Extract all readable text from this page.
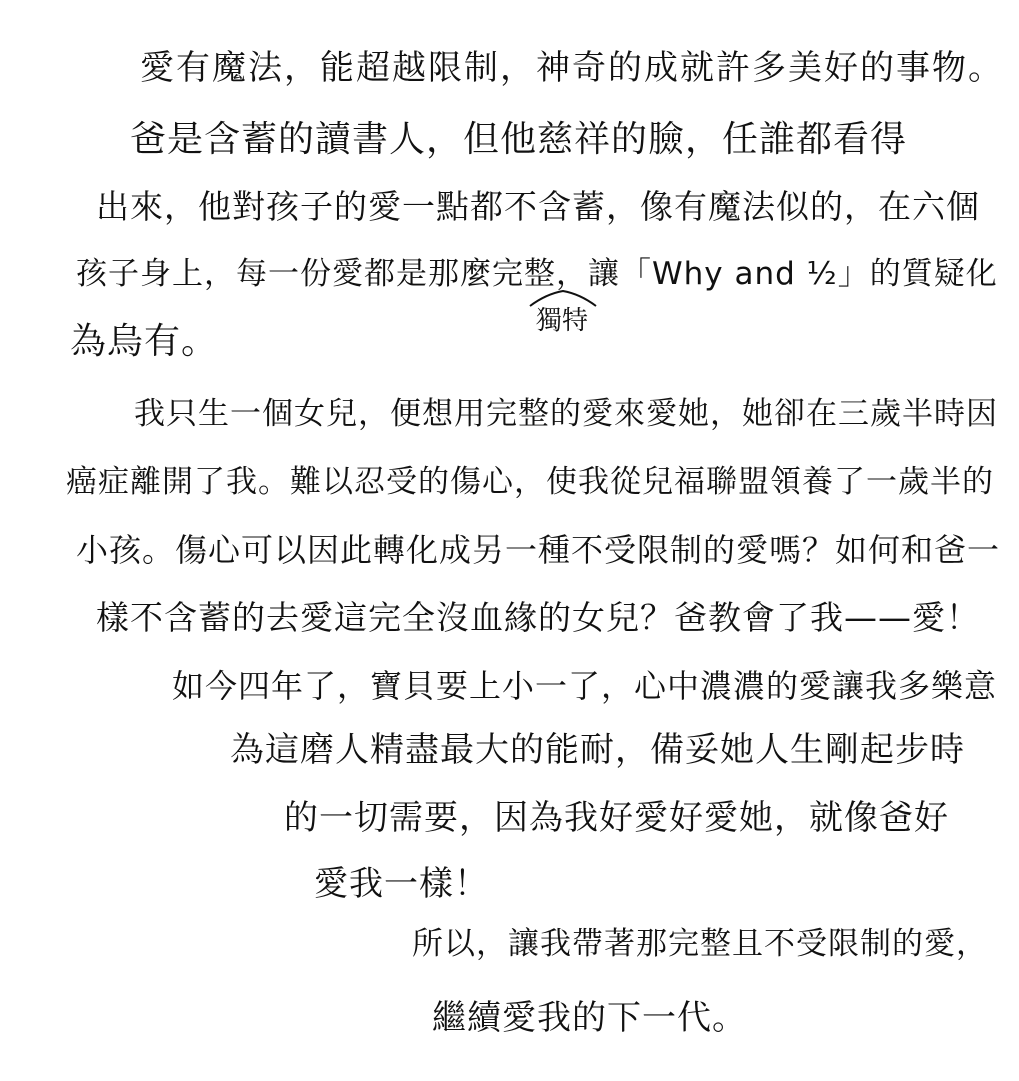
愛有魔法，能超越限制，神奇的成就許多美好的事物。
爸是含蓄的讀書人，但他慈祥的臉，任誰都看得
出來，他對孩子的愛一點都不含蓄，像有魔法似的，在六個
孩子身上，每一份愛都是那麼完整，讓「Why and ½」的質疑化
獨特
為烏有。
我只生一個女兒，便想用完整的愛來愛她，她卻在三歲半時因
癌症離開了我。難以忍受的傷心，使我從兒福聯盟領養了一歲半的
小孩。傷心可以因此轉化成另一種不受限制的愛嗎？如何和爸一
樣不含蓄的去愛這完全沒血緣的女兒？爸教會了我——愛！
如今四年了，寶貝要上小一了，心中濃濃的愛讓我多樂意
為這磨人精盡最大的能耐，備妥她人生剛起步時
的一切需要，因為我好愛好愛她，就像爸好
愛我一樣！
所以，讓我帶著那完整且不受限制的愛，
繼續愛我的下一代。
